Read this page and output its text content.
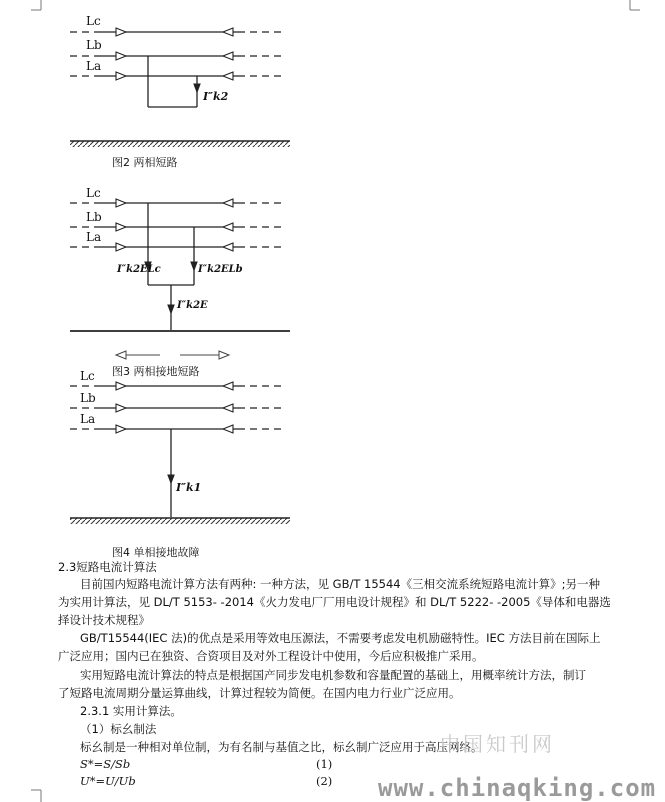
Lc
Lb
La
I″k2
图2 两相短路
Lc
Lb
La
I″k2ELc	I″k2ELb
I″k2E
图3 两相接地短路
Lc
Lb
La
I″k1
图4 单相接地故障
2.3短路电流计算法
目前国内短路电流计算方法有两种: 一种方法，见 GB/T 15544《三相交流系统短路电流计算》;另一种
为实用计算法，见 DL/T 5153- -2014《火力发电厂厂用电设计规程》和 DL/T 5222- -2005《导体和电器选
择设计技术规程》
GB/T15544(IEC 法)的优点是采用等效电压源法，不需要考虑发电机励磁特性。IEC 方法目前在国际上
广泛应用；国内已在独资、合资项目及对外工程设计中使用，今后应积极推广采用。
实用短路电流计算法的特点是根据国产同步发电机参数和容量配置的基础上，用概率统计方法，制订
了短路电流周期分量运算曲线，计算过程较为简便。在国内电力行业广泛应用。
2.3.1 实用计算法。
（1）标幺制法
标幺制是一种相对单位制，为有名制与基值之比，标幺制广泛应用于高压网络。
S*=S/Sb	(1)
U*=U/Ub	(2)
中国知刊网
www.chinaqking.com
